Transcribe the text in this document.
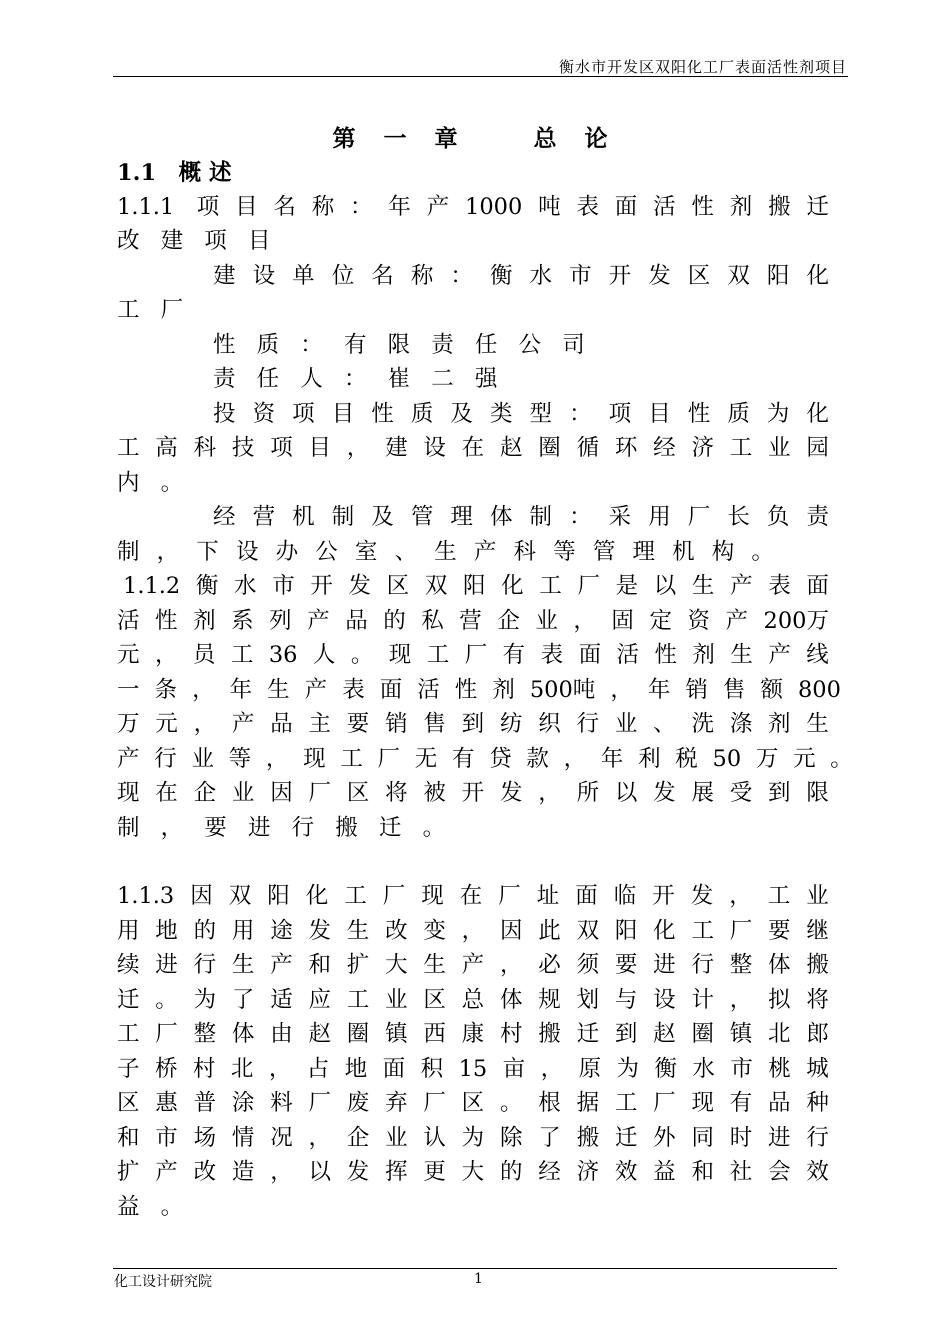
衡水市开发区双阳化工厂表面活性剂项目
第 一 章　　总 论
1.1　概 述
1.1.1　项 目 名 称 ： 年 产 1000 吨 表 面 活 性 剂 搬 迁
改 建 项 目
建 设 单 位 名 称 ： 衡 水 市 开 发 区 双 阳 化
工 厂
性 质 ： 有 限 责 任 公 司
责 任 人 ： 崔 二 强
投 资 项 目 性 质 及 类 型 ： 项 目 性 质 为 化
工 高 科 技 项 目 ， 建 设 在 赵 圈 循 环 经 济 工 业 园
内 。
经 营 机 制 及 管 理 体 制 ： 采 用 厂 长 负 责
制 ， 下 设 办 公 室 、 生 产 科 等 管 理 机 构 。
1.1.2 衡 水 市 开 发 区 双 阳 化 工 厂 是 以 生 产 表 面
活 性 剂 系 列 产 品 的 私 营 企 业 ， 固 定 资 产 200万
元 ， 员 工 36 人 。 现 工 厂 有 表 面 活 性 剂 生 产 线
一 条 ， 年 生 产 表 面 活 性 剂 500吨 ， 年 销 售 额 800
万 元 ， 产 品 主 要 销 售 到 纺 织 行 业 、 洗 涤 剂 生
产 行 业 等 ， 现 工 厂 无 有 贷 款 ， 年 利 税 50 万 元 。
现 在 企 业 因 厂 区 将 被 开 发 ， 所 以 发 展 受 到 限
制 ， 要 进 行 搬 迁 。
1.1.3 因 双 阳 化 工 厂 现 在 厂 址 面 临 开 发 ， 工 业
用 地 的 用 途 发 生 改 变 ， 因 此 双 阳 化 工 厂 要 继
续 进 行 生 产 和 扩 大 生 产 ， 必 须 要 进 行 整 体 搬
迁 。 为 了 适 应 工 业 区 总 体 规 划 与 设 计 ， 拟 将
工 厂 整 体 由 赵 圈 镇 西 康 村 搬 迁 到 赵 圈 镇 北 郎
子 桥 村 北 ， 占 地 面 积 15 亩 ， 原 为 衡 水 市 桃 城
区 惠 普 涂 料 厂 废 弃 厂 区 。 根 据 工 厂 现 有 品 种
和 市 场 情 况 ， 企 业 认 为 除 了 搬 迁 外 同 时 进 行
扩 产 改 造 ， 以 发 挥 更 大 的 经 济 效 益 和 社 会 效
益 。
化工设计研究院	1
